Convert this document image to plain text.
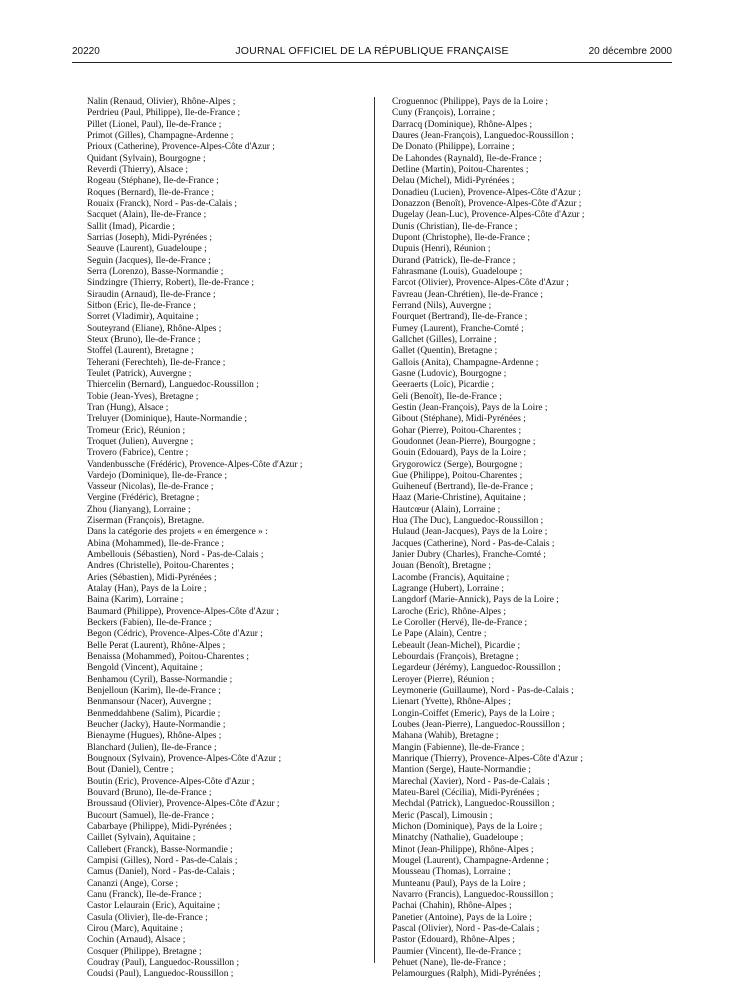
20220	JOURNAL OFFICIEL DE LA RÉPUBLIQUE FRANÇAISE	20 décembre 2000
Nalin (Renaud, Olivier), Rhône-Alpes ;
Perdrieu (Paul, Philippe), Ile-de-France ;
Pillet (Lionel, Paul), Ile-de-France ;
Primot (Gilles), Champagne-Ardenne ;
Prioux (Catherine), Provence-Alpes-Côte d'Azur ;
Quidant (Sylvain), Bourgogne ;
Reverdi (Thierry), Alsace ;
Rogeau (Stéphane), Ile-de-France ;
Roques (Bernard), Ile-de-France ;
Rouaix (Franck), Nord - Pas-de-Calais ;
Sacquet (Alain), Ile-de-France ;
Sallit (Imad), Picardie ;
Sarrias (Joseph), Midi-Pyrénées ;
Seauve (Laurent), Guadeloupe ;
Seguin (Jacques), Ile-de-France ;
Serra (Lorenzo), Basse-Normandie ;
Sindzingre (Thierry, Robert), Ile-de-France ;
Siraudin (Arnaud), Ile-de-France ;
Sitbon (Eric), Ile-de-France ;
Sorret (Vladimir), Aquitaine ;
Souteyrand (Eliane), Rhône-Alpes ;
Steux (Bruno), Ile-de-France ;
Stoffel (Laurent), Bretagne ;
Teherani (Ferechteh), Ile-de-France ;
Teulet (Patrick), Auvergne ;
Thiercelin (Bernard), Languedoc-Roussillon ;
Tobie (Jean-Yves), Bretagne ;
Tran (Hung), Alsace ;
Treluyer (Dominique), Haute-Normandie ;
Tromeur (Eric), Réunion ;
Troquet (Julien), Auvergne ;
Trovero (Fabrice), Centre ;
Vandenbussche (Frédéric), Provence-Alpes-Côte d'Azur ;
Vardejo (Dominique), Ile-de-France ;
Vasseur (Nicolas), Ile-de-France ;
Vergine (Frédéric), Bretagne ;
Zhou (Jianyang), Lorraine ;
Ziserman (François), Bretagne.
Dans la catégorie des projets « en émergence » :
Abina (Mohammed), Ile-de-France ;
Ambellouis (Sébastien), Nord - Pas-de-Calais ;
Andres (Christelle), Poitou-Charentes ;
Aries (Sébastien), Midi-Pyrénées ;
Atalay (Han), Pays de la Loire ;
Baina (Karim), Lorraine ;
Baumard (Philippe), Provence-Alpes-Côte d'Azur ;
Beckers (Fabien), Ile-de-France ;
Begon (Cédric), Provence-Alpes-Côte d'Azur ;
Belle Perat (Laurent), Rhône-Alpes ;
Benaissa (Mohammed), Poitou-Charentes ;
Bengold (Vincent), Aquitaine ;
Benhamou (Cyril), Basse-Normandie ;
Benjelloun (Karim), Ile-de-France ;
Benmansour (Nacer), Auvergne ;
Benmeddahbene (Salim), Picardie ;
Beucher (Jacky), Haute-Normandie ;
Bienayme (Hugues), Rhône-Alpes ;
Blanchard (Julien), Ile-de-France ;
Bougnoux (Sylvain), Provence-Alpes-Côte d'Azur ;
Bout (Daniel), Centre ;
Boutin (Eric), Provence-Alpes-Côte d'Azur ;
Bouvard (Bruno), Ile-de-France ;
Broussaud (Olivier), Provence-Alpes-Côte d'Azur ;
Bucourt (Samuel), Ile-de-France ;
Cabarbaye (Philippe), Midi-Pyrénées ;
Caillet (Sylvain), Aquitaine ;
Callebert (Franck), Basse-Normandie ;
Campisi (Gilles), Nord - Pas-de-Calais ;
Camus (Daniel), Nord - Pas-de-Calais ;
Cananzi (Ange), Corse ;
Canu (Franck), Ile-de-France ;
Castor Lelaurain (Eric), Aquitaine ;
Casula (Olivier), Ile-de-France ;
Cirou (Marc), Aquitaine ;
Cochin (Arnaud), Alsace ;
Cosquer (Philippe), Bretagne ;
Coudray (Paul), Languedoc-Roussillon ;
Coudsi (Paul), Languedoc-Roussillon ;
Croguennoc (Philippe), Pays de la Loire ;
Cuny (François), Lorraine ;
Darracq (Dominique), Rhône-Alpes ;
Daures (Jean-François), Languedoc-Roussillon ;
De Donato (Philippe), Lorraine ;
De Lahondes (Raynald), Ile-de-France ;
Detline (Martin), Poitou-Charentes ;
Delau (Michel), Midi-Pyrénées ;
Donadieu (Lucien), Provence-Alpes-Côte d'Azur ;
Donazzon (Benoît), Provence-Alpes-Côte d'Azur ;
Dugelay (Jean-Luc), Provence-Alpes-Côte d'Azur ;
Dunis (Christian), Ile-de-France ;
Dupont (Christophe), Ile-de-France ;
Dupuis (Henri), Réunion ;
Durand (Patrick), Ile-de-France ;
Fahrasmane (Louis), Guadeloupe ;
Farcot (Olivier), Provence-Alpes-Côte d'Azur ;
Favreau (Jean-Chrétien), Ile-de-France ;
Ferrand (Nils), Auvergne ;
Fourquet (Bertrand), Ile-de-France ;
Fumey (Laurent), Franche-Comté ;
Gallchet (Gilles), Lorraine ;
Gallet (Quentin), Bretagne ;
Gallois (Anita), Champagne-Ardenne ;
Gasne (Ludovic), Bourgogne ;
Geeraerts (Loïc), Picardie ;
Geli (Benoît), Ile-de-France ;
Gestin (Jean-François), Pays de la Loire ;
Gibout (Stéphane), Midi-Pyrénées ;
Gohar (Pierre), Poitou-Charentes ;
Goudonnet (Jean-Pierre), Bourgogne ;
Gouin (Edouard), Pays de la Loire ;
Grygorowicz (Serge), Bourgogne ;
Gue (Philippe), Poitou-Charentes ;
Guiheneuf (Bertrand), Ile-de-France ;
Haaz (Marie-Christine), Aquitaine ;
Hautcœur (Alain), Lorraine ;
Hua (The Duc), Languedoc-Roussillon ;
Hulaud (Jean-Jacques), Pays de la Loire ;
Jacques (Catherine), Nord - Pas-de-Calais ;
Janier Dubry (Charles), Franche-Comté ;
Jouan (Benoît), Bretagne ;
Lacombe (Francis), Aquitaine ;
Lagrange (Hubert), Lorraine ;
Langdorf (Marie-Annick), Pays de la Loire ;
Laroche (Eric), Rhône-Alpes ;
Le Coroller (Hervé), Ile-de-France ;
Le Pape (Alain), Centre ;
Lebeault (Jean-Michel), Picardie ;
Lebourdais (François), Bretagne ;
Legardeur (Jérémy), Languedoc-Roussillon ;
Leroyer (Pierre), Réunion ;
Leymonerie (Guillaume), Nord - Pas-de-Calais ;
Lienart (Yvette), Rhône-Alpes ;
Longin-Coiffet (Emeric), Pays de la Loire ;
Loubes (Jean-Pierre), Languedoc-Roussillon ;
Mahana (Wahib), Bretagne ;
Mangin (Fabienne), Ile-de-France ;
Manrique (Thierry), Provence-Alpes-Côte d'Azur ;
Mantion (Serge), Haute-Normandie ;
Marechal (Xavier), Nord - Pas-de-Calais ;
Mateu-Barel (Cécilia), Midi-Pyrénées ;
Mechdal (Patrick), Languedoc-Roussillon ;
Meric (Pascal), Limousin ;
Michon (Dominique), Pays de la Loire ;
Minatchy (Nathalie), Guadeloupe ;
Minot (Jean-Philippe), Rhône-Alpes ;
Mougel (Laurent), Champagne-Ardenne ;
Mousseau (Thomas), Lorraine ;
Munteanu (Paul), Pays de la Loire ;
Navarro (Francis), Languedoc-Roussillon ;
Pachai (Chahin), Rhône-Alpes ;
Panetier (Antoine), Pays de la Loire ;
Pascal (Olivier), Nord - Pas-de-Calais ;
Pastor (Edouard), Rhône-Alpes ;
Paumier (Vincent), Ile-de-France ;
Pehuet (Nane), Ile-de-France ;
Pelamourgues (Ralph), Midi-Pyrénées ;
